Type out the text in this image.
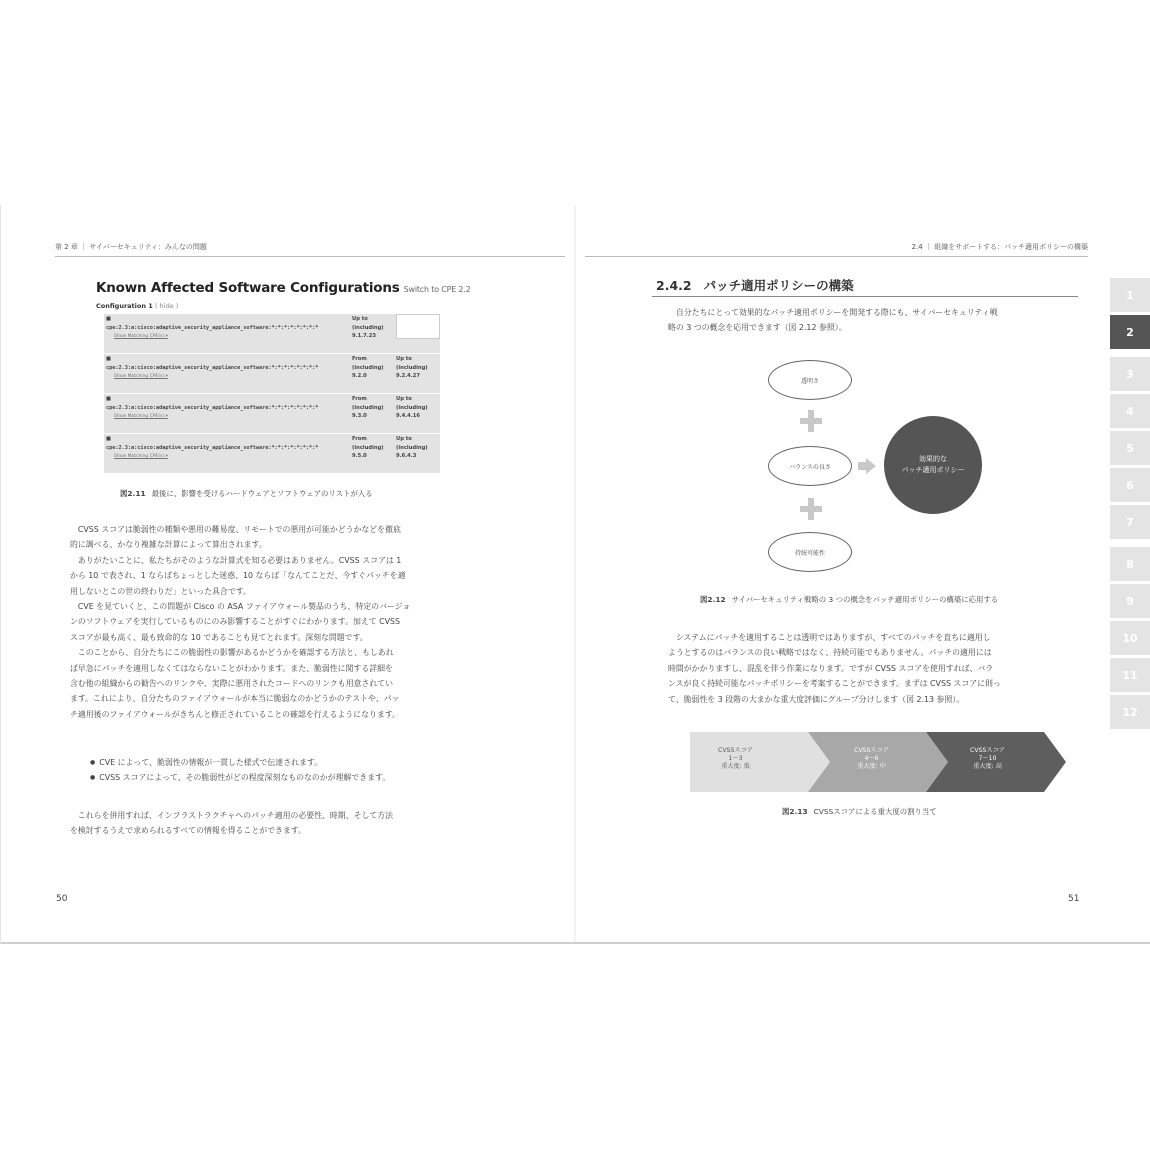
第 2 章 ｜ サイバーセキュリティ：みんなの問題
Known Affected Software Configurations Switch to CPE 2.2
Configuration 1 ( hide )
■
cpe:2.3:a:cisco:adaptive_security_appliance_software:*:*:*:*:*:*:*:*
Show Matching CPE(s) ▾
Up to
(including)
9.1.7.23
■
cpe:2.3:a:cisco:adaptive_security_appliance_software:*:*:*:*:*:*:*:*
Show Matching CPE(s) ▾
From
(including)
9.2.0
Up to
(including)
9.2.4.27
■
cpe:2.3:a:cisco:adaptive_security_appliance_software:*:*:*:*:*:*:*:*
Show Matching CPE(s) ▾
From
(including)
9.3.0
Up to
(including)
9.4.4.16
■
cpe:2.3:a:cisco:adaptive_security_appliance_software:*:*:*:*:*:*:*:*
Show Matching CPE(s) ▾
From
(including)
9.5.0
Up to
(including)
9.6.4.3
図2.11 最後に、影響を受けるハードウェアとソフトウェアのリストが入る

　CVSS スコアは脆弱性の種類や悪用の難易度、リモートでの悪用が可能かどうかなどを徹底

的に調べる、かなり複雑な計算によって算出されます。

　ありがたいことに、私たちがそのような計算式を知る必要はありません。CVSS スコアは 1

から 10 で表され、1 ならばちょっとした迷惑、10 ならば「なんてことだ、今すぐパッチを適

用しないとこの世の終わりだ」といった具合です。

　CVE を見ていくと、この問題が Cisco の ASA ファイアウォール製品のうち、特定のバージョ

ンのソフトウェアを実行しているものにのみ影響することがすぐにわかります。加えて CVSS

スコアが最も高く、最も致命的な 10 であることも見てとれます。深刻な問題です。

　このことから、自分たちにこの脆弱性の影響があるかどうかを確認する方法と、もしあれ

ば早急にパッチを適用しなくてはならないことがわかります。また、脆弱性に関する詳細を

含む他の組織からの勧告へのリンクや、実際に悪用されたコードへのリンクも用意されてい

ます。これにより、自分たちのファイアウォールが本当に脆弱なのかどうかのテストや、パッ

チ適用後のファイアウォールがきちんと修正されていることの確認を行えるようになります。

● CVE によって、脆弱性の情報が一貫した様式で伝達されます。
● CVSS スコアによって、その脆弱性がどの程度深刻なものなのかが理解できます。

　これらを併用すれば、インフラストラクチャへのパッチ適用の必要性、時期、そして方法

を検討するうえで求められるすべての情報を得ることができます。

50
2.4 ｜ 組織をサポートする：パッチ適用ポリシーの構築
2.4.2 パッチ適用ポリシーの構築

　自分たちにとって効果的なパッチ適用ポリシーを開発する際にも、サイバーセキュリティ戦

略の 3 つの概念を応用できます（図 2.12 参照）。

透明さ
バランスの良さ
持続可能性
効果的な
パッチ適用ポリシー
図2.12 サイバーセキュリティ戦略の 3 つの概念をパッチ適用ポリシーの構築に応用する

　システムにパッチを適用することは透明ではありますが、すべてのパッチを直ちに適用し

ようとするのはバランスの良い戦略ではなく、持続可能でもありません。パッチの適用には

時間がかかりますし、混乱を伴う作業になります。ですが CVSS スコアを使用すれば、バラ

ンスが良く持続可能なパッチポリシーを考案することができます。まずは CVSS スコアに則っ

て、脆弱性を 3 段階の大まかな重大度評価にグループ分けします（図 2.13 参照）。

CVSSスコア
1～3
重大度: 低
CVSSスコア
4～6
重大度: 中
CVSSスコア
7～10
重大度: 高
図2.13 CVSSスコアによる重大度の割り当て
51
1
2
3
4
5
6
7
8
9
10
11
12
